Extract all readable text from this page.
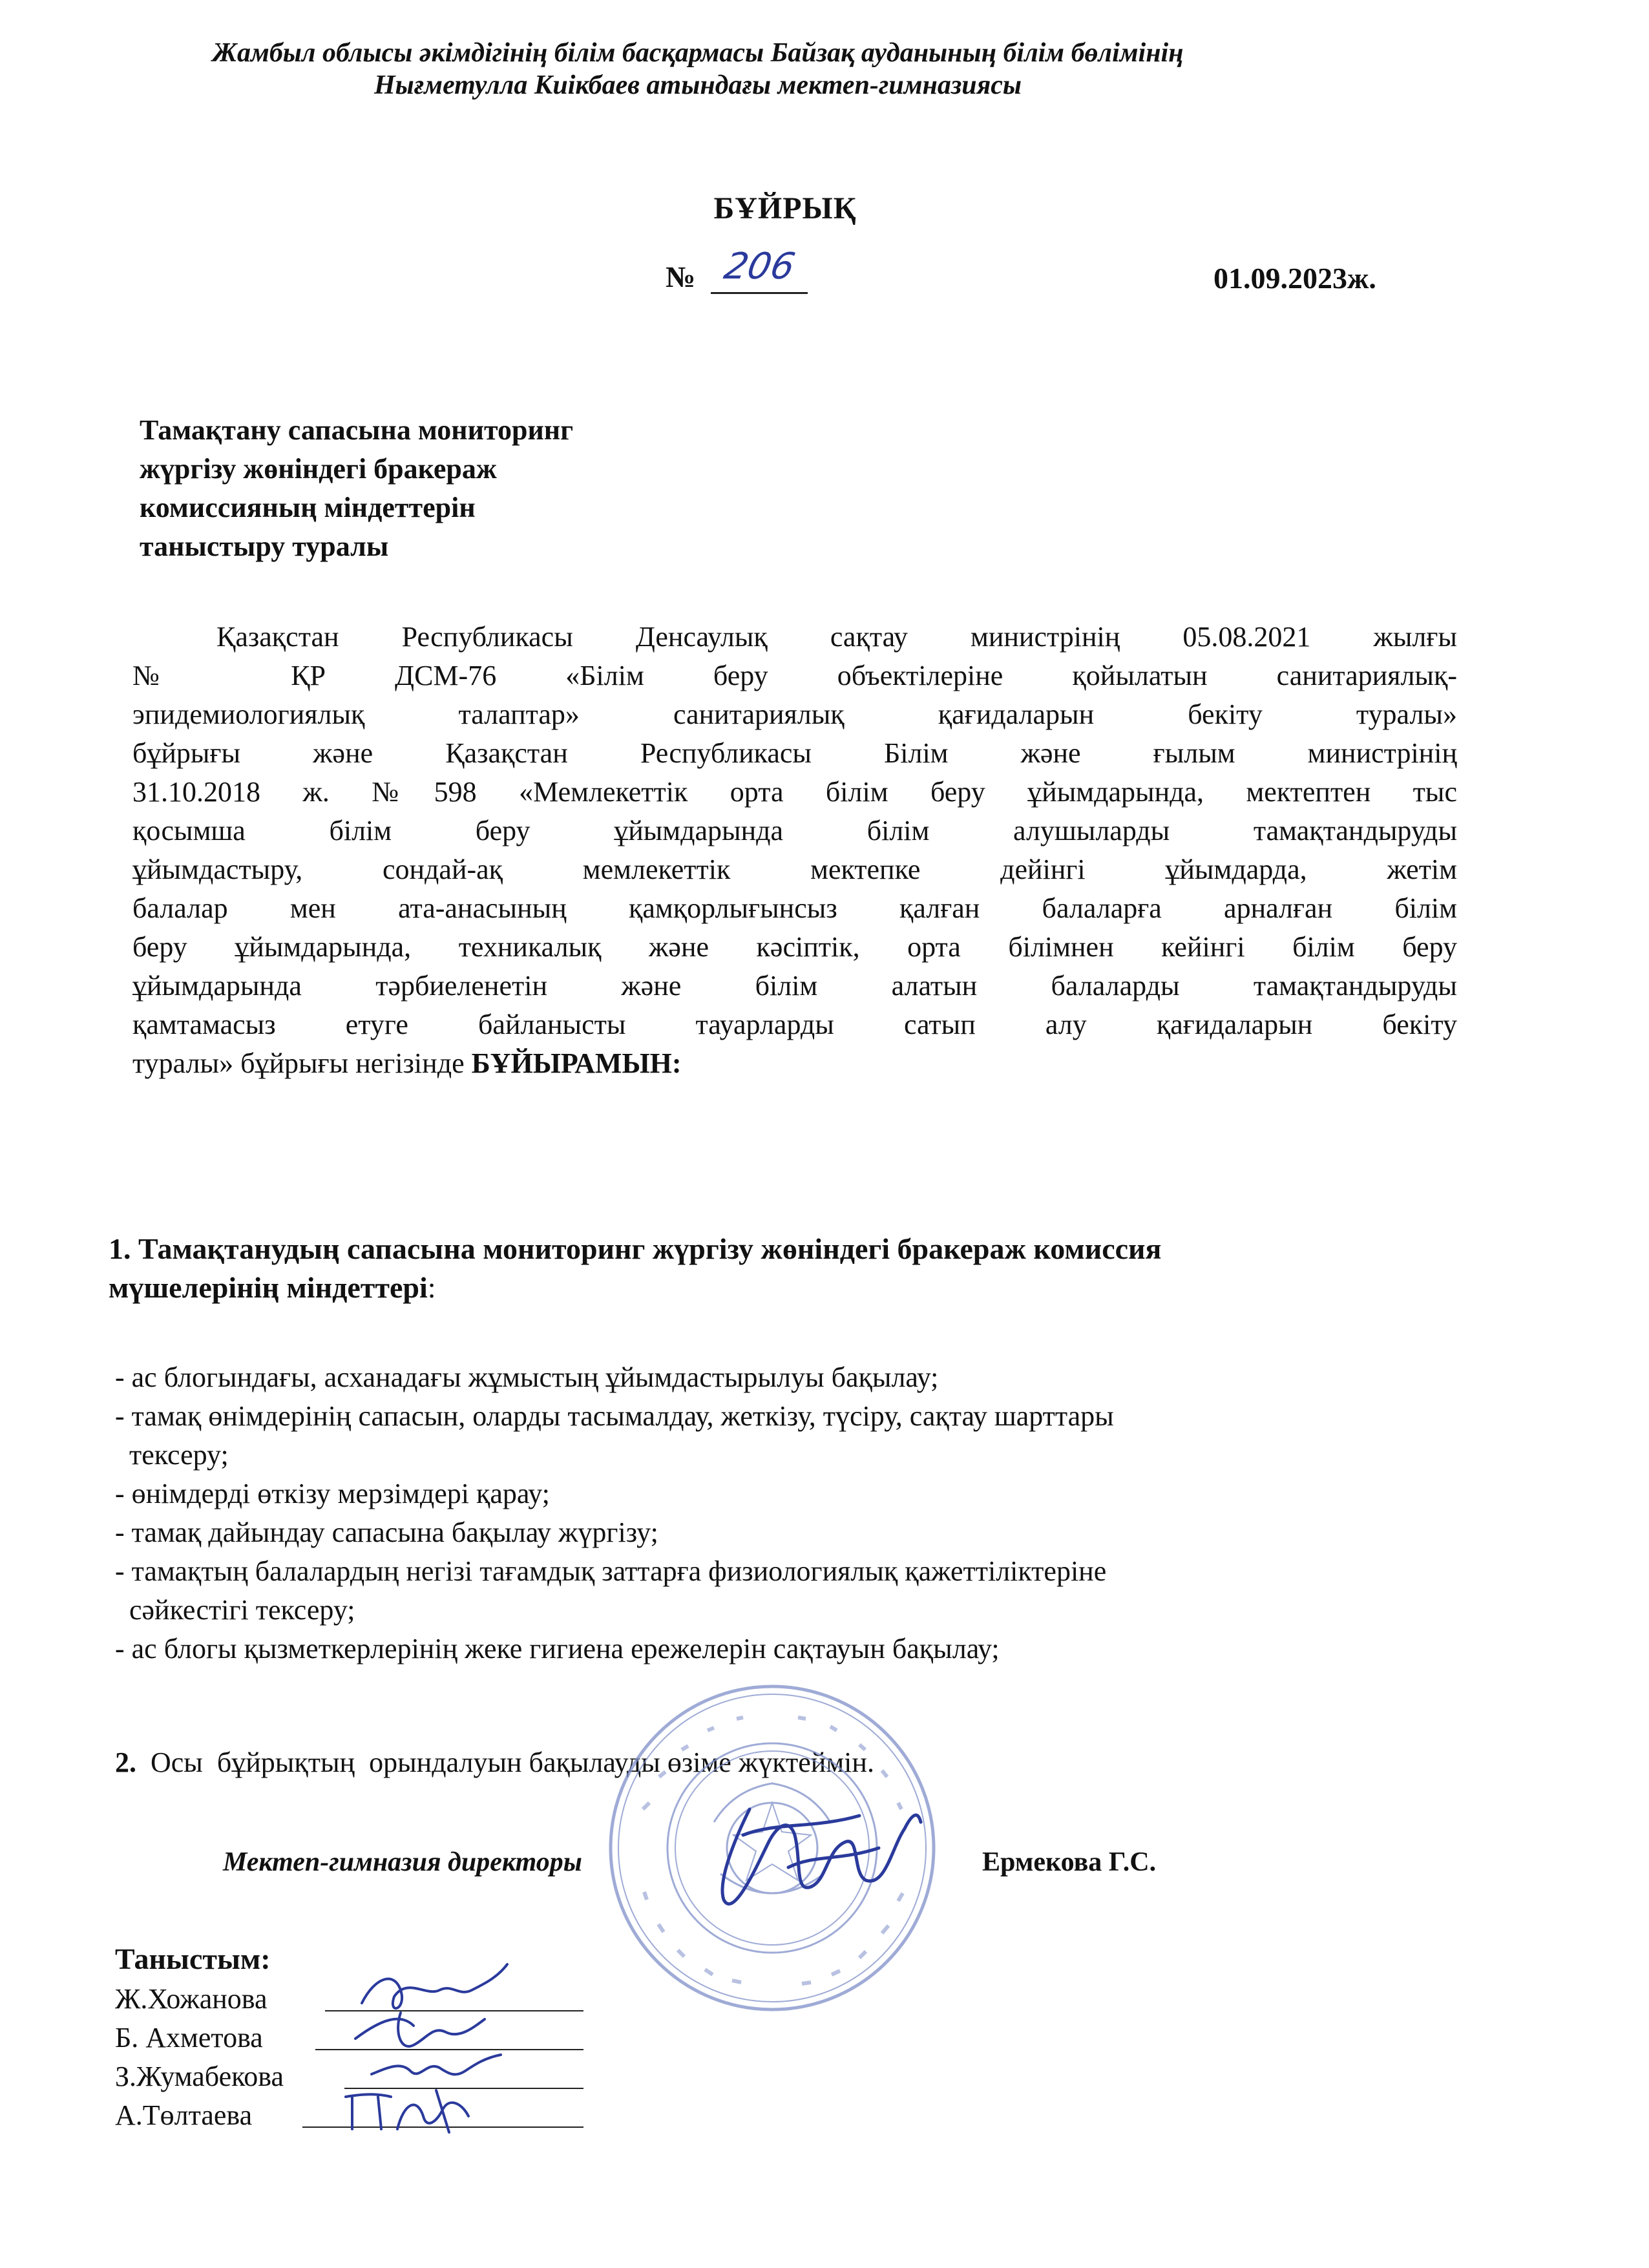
Жамбыл облысы әкімдігінің білім басқармасы Байзақ ауданының білім бөлімінің
Нығметулла Киікбаев атындағы мектеп-гимназиясы
БҰЙРЫҚ
№ 206	01.09.2023ж.
Тамақтану сапасына мониторинг
жүргізу жөніндегі бракераж
комиссияның міндеттерін
таныстыру туралы
Қазақстан Республикасы Денсаулық сақтау министрінің 05.08.2021 жылғы
№ ҚР ДСМ-76 «Білім беру объектілеріне қойылатын санитариялық-
эпидемиологиялық талаптар» санитариялық қағидаларын бекіту туралы»
бұйрығы және Қазақстан Республикасы Білім және ғылым министрінің
31.10.2018 ж. №598 «Мемлекеттік орта білім беру ұйымдарында, мектептен тыс
қосымша білім беру ұйымдарында білім алушыларды тамақтандыруды
ұйымдастыру, сондай-ақ мемлекеттік мектепке дейінгі ұйымдарда, жетім
балалар мен ата-анасының қамқорлығынсыз қалған балаларға арналған білім
беру ұйымдарында, техникалық және кәсіптік, орта білімнен кейінгі білім беру
ұйымдарында тәрбиеленетін және білім алатын балаларды тамақтандыруды
қамтамасыз етуге байланысты тауарларды сатып алу қағидаларын бекіту
туралы» бұйрығы негізінде БҰЙЫРАМЫН:
1. Тамақтанудың сапасына мониторинг жүргізу жөніндегі бракераж комиссия
мүшелерінің міндеттері:
- ас блогындағы, асханадағы жұмыстың ұйымдастырылуы бақылау;
- тамақ өнімдерінің сапасын, оларды тасымалдау, жеткізу, түсіру, сақтау шарттары
тексеру;
- өнімдерді өткізу мерзімдері қарау;
- тамақ дайындау сапасына бақылау жүргізу;
- тамақтың балалардың негізі тағамдық заттарға физиологиялық қажеттіліктеріне
сәйкестігі тексеру;
- ас блогы қызметкерлерінің жеке гигиена ережелерін сақтауын бақылау;
2.  Осы  бұйрықтың  орындалуын бақылауды өзіме жүктеймін.
Мектеп-гимназия директоры	Ермекова Г.С.
Таныстым:
Ж.Хожанова
Б. Ахметова
З.Жумабекова
А.Төлтаева
